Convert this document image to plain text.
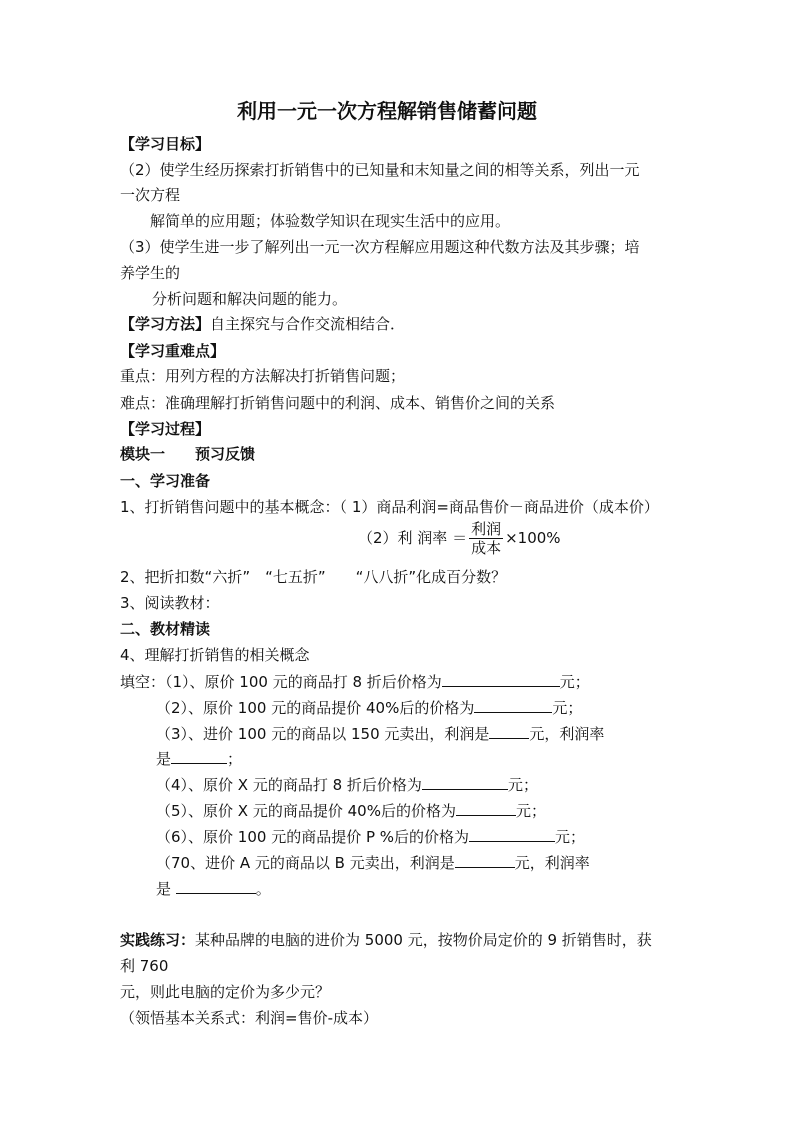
利用一元一次方程解销售储蓄问题
【学习目标】
（2）使学生经历探索打折销售中的已知量和末知量之间的相等关系，列出一元
一次方程
解简单的应用题；体验数学知识在现实生活中的应用。
（3）使学生进一步了解列出一元一次方程解应用题这种代数方法及其步骤；培
养学生的
分析问题和解决问题的能力。
【学习方法】自主探究与合作交流相结合．
【学习重难点】
重点：用列方程的方法解决打折销售问题；
难点：准确理解打折销售问题中的利润、成本、销售价之间的关系
【学习过程】
模块一　　预习反馈
一、学习准备
1、打折销售问题中的基本概念：（ 1）商品利润=商品售价－商品进价（成本价）
（2）利 润率 ＝ $\frac{\text{利润}}{\text{成本}} \times 100\%$
2、把折扣数“六折”　“七五折”　　“八八折”化成百分数？
3、阅读教材：
二、教材精读
4、理解打折销售的相关概念
填空：（1）、原价 100 元的商品打 8 折后价格为	元；
（2）、原价 100 元的商品提价 40%后的价格为	元；
（3）、进价 100 元的商品以 150 元卖出，利润是	元，利润率
是	；
（4）、原价 X 元的商品打 8 折后价格为	元；
（5）、原价 X 元的商品提价 40%后的价格为	元；
（6）、原价 100 元的商品提价 P %后的价格为	元；
（70、进价 A 元的商品以 B 元卖出，利润是	元，利润率
是	。
实践练习：某种品牌的电脑的进价为 5000 元，按物价局定价的 9 折销售时，获
利 760
元，则此电脑的定价为多少元？
（领悟基本关系式：利润=售价-成本）
